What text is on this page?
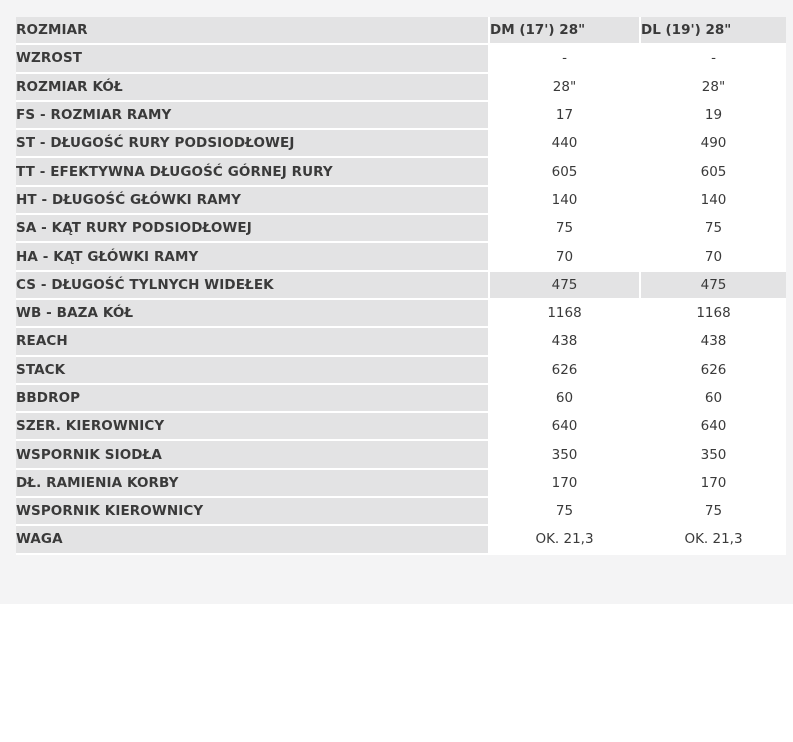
ROZMIAR		DM (17') 28"		DL (19') 28"
WZROST		-		-
ROZMIAR KÓŁ		28"		28"
FS - ROZMIAR RAMY		17		19
ST - DŁUGOŚĆ RURY PODSIODŁOWEJ		440		490
TT - EFEKTYWNA DŁUGOŚĆ GÓRNEJ RURY		605		605
HT - DŁUGOŚĆ GŁÓWKI RAMY		140		140
SA - KĄT RURY PODSIODŁOWEJ		75		75
HA - KĄT GŁÓWKI RAMY		70		70
CS - DŁUGOŚĆ TYLNYCH WIDEŁEK		475		475
WB - BAZA KÓŁ		1168		1168
REACH		438		438
STACK		626		626
BBDROP		60		60
SZER. KIEROWNICY		640		640
WSPORNIK SIODŁA		350		350
DŁ. RAMIENIA KORBY		170		170
WSPORNIK KIEROWNICY		75		75
WAGA		OK. 21,3		OK. 21,3
